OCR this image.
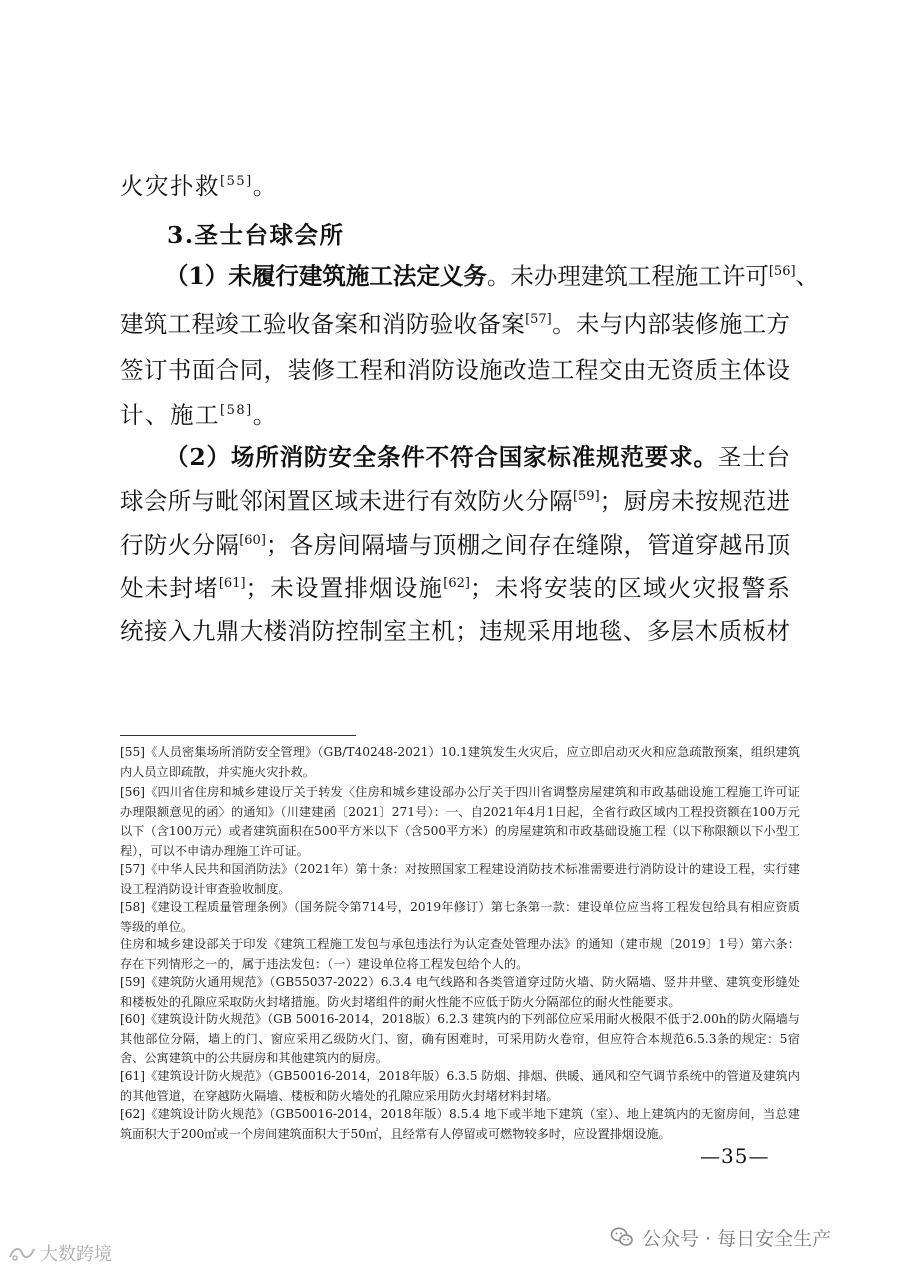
火灾扑救[55]。
3.圣士台球会所
（1）未履行建筑施工法定义务。未办理建筑工程施工许可[56]、
建筑工程竣工验收备案和消防验收备案[57]。未与内部装修施工方
签订书面合同，装修工程和消防设施改造工程交由无资质主体设
计、施工[58]。
（2）场所消防安全条件不符合国家标准规范要求。圣士台
球会所与毗邻闲置区域未进行有效防火分隔[59]；厨房未按规范进
行防火分隔[60]；各房间隔墙与顶棚之间存在缝隙，管道穿越吊顶
处未封堵[61]；未设置排烟设施[62]；未将安装的区域火灾报警系
统接入九鼎大楼消防控制室主机；违规采用地毯、多层木质板材

[55]《人员密集场所消防安全管理》（GB/T40248-2021）10.1建筑发生火灾后，应立即启动灭火和应急疏散预案，组织建筑内人员立即疏散，并实施火灾扑救。

[56]《四川省住房和城乡建设厅关于转发〈住房和城乡建设部办公厅关于四川省调整房屋建筑和市政基础设施工程施工许可证办理限额意见的函〉的通知》（川建建函〔2021〕271号）：一、自2021年4月1日起，全省行政区域内工程投资额在100万元以下（含100万元）或者建筑面积在500平方米以下（含500平方米）的房屋建筑和市政基础设施工程（以下称限额以下小型工程），可以不申请办理施工许可证。

[57]《中华人民共和国消防法》（2021年）第十条：对按照国家工程建设消防技术标准需要进行消防设计的建设工程，实行建设工程消防设计审查验收制度。

[58]《建设工程质量管理条例》（国务院令第714号，2019年修订）第七条第一款：建设单位应当将工程发包给具有相应资质等级的单位。

住房和城乡建设部关于印发《建筑工程施工发包与承包违法行为认定查处管理办法》的通知（建市规〔2019〕1号）第六条：存在下列情形之一的，属于违法发包：（一）建设单位将工程发包给个人的。

[59]《建筑防火通用规范》（GB55037-2022）6.3.4 电气线路和各类管道穿过防火墙、防火隔墙、竖井井壁、建筑变形缝处和楼板处的孔隙应采取防火封堵措施。防火封堵组件的耐火性能不应低于防火分隔部位的耐火性能要求。

[60]《建筑设计防火规范》（GB 50016-2014，2018版）6.2.3 建筑内的下列部位应采用耐火极限不低于2.00h的防火隔墙与其他部位分隔，墙上的门、窗应采用乙级防火门、窗，确有困难时，可采用防火卷帘，但应符合本规范6.5.3条的规定：5宿舍、公寓建筑中的公共厨房和其他建筑内的厨房。

[61]《建筑设计防火规范》（GB50016-2014，2018年版）6.3.5 防烟、排烟、供暖、通风和空气调节系统中的管道及建筑内的其他管道，在穿越防火隔墙、楼板和防火墙处的孔隙应采用防火封堵材料封堵。

[62]《建筑设计防火规范》（GB50016-2014，2018年版）8.5.4 地下或半地下建筑（室）、地上建筑内的无窗房间，当总建筑面积大于200㎡或一个房间建筑面积大于50㎡，且经常有人停留或可燃物较多时，应设置排烟设施。

—35—
公众号 · 每日安全生产
大数跨境
